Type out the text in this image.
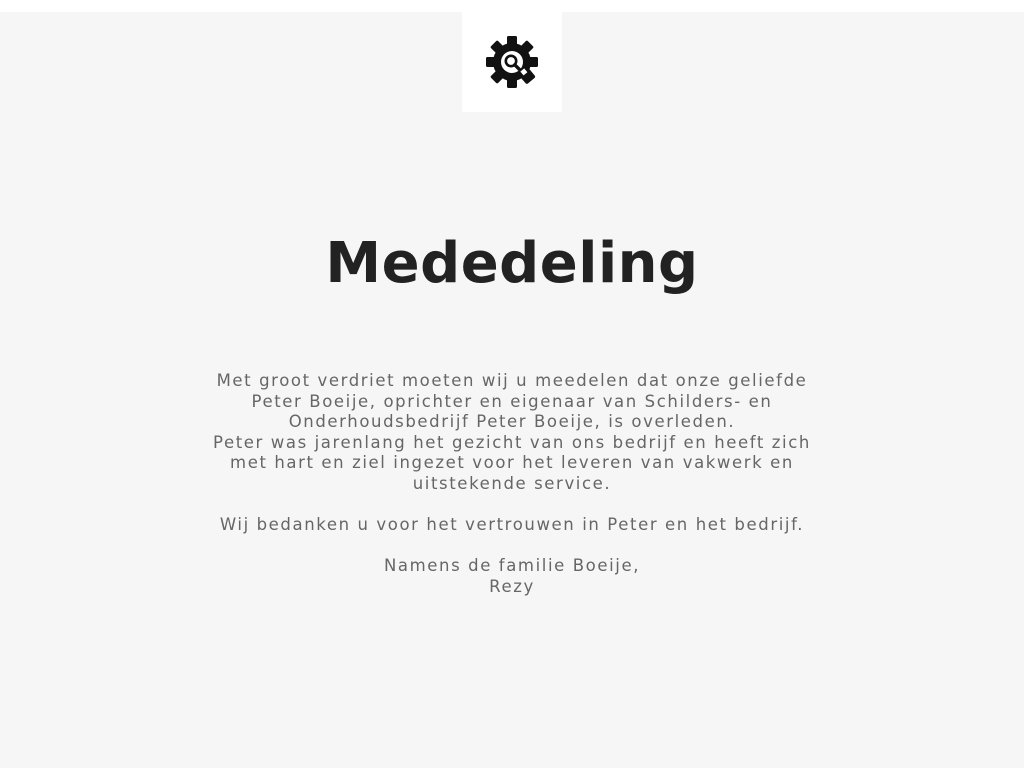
Mededeling

Met groot verdriet moeten wij u meedelen dat onze geliefde Peter Boeije, oprichter en eigenaar van Schilders- en Onderhoudsbedrijf Peter Boeije, is overleden.

Peter was jarenlang het gezicht van ons bedrijf en heeft zich met hart en ziel ingezet voor het leveren van vakwerk en uitstekende service.

Wij bedanken u voor het vertrouwen in Peter en het bedrijf.

Namens de familie Boeije,

Rezy
